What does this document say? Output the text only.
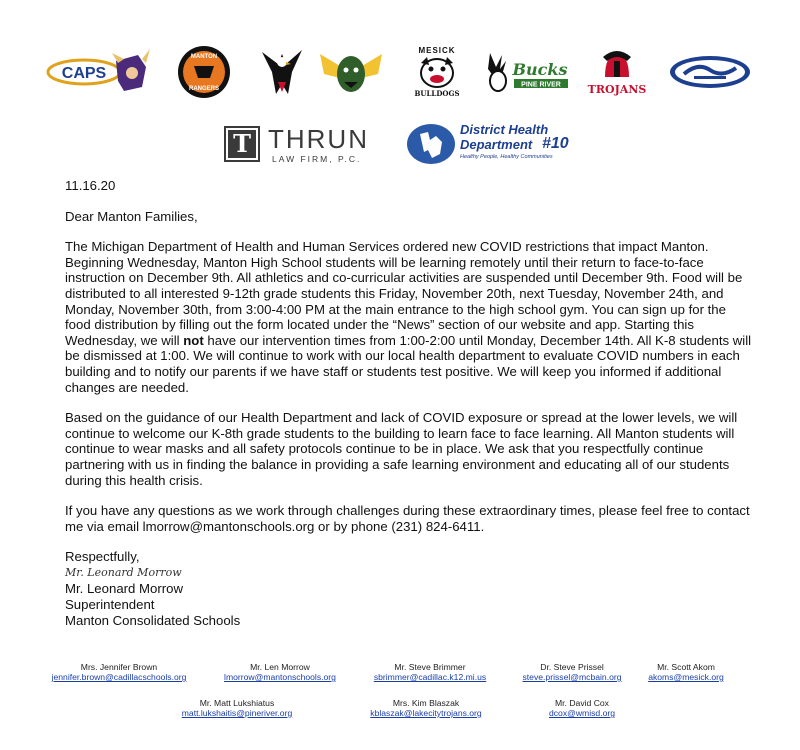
CAPS
MANTON
RANGERS
MESICK
BULLDOGS
Bucks
PINE RIVER TROJANS
T THRUN
LAW FIRM, P.C.
District Health
Department #10
Healthy People, Healthy Communities

11.16.20

Dear Manton Families,

The Michigan Department of Health and Human Services ordered new COVID restrictions that impact Manton. Beginning Wednesday, Manton High School students will be learning remotely until their return to face-to-face instruction on December 9th. All athletics and co-curricular activities are suspended until December 9th. Food will be distributed to all interested 9-12th grade students this Friday, November 20th, next Tuesday, November 24th, and Monday, November 30th, from 3:00-4:00 PM at the main entrance to the high school gym. You can sign up for the food distribution by filling out the form located under the “News” section of our website and app. Starting this Wednesday, we will not have our intervention times from 1:00-2:00 until Monday, December 14th. All K-8 students will be dismissed at 1:00. We will continue to work with our local health department to evaluate COVID numbers in each building and to notify our parents if we have staff or students test positive. We will keep you informed if additional changes are needed.

Based on the guidance of our Health Department and lack of COVID exposure or spread at the lower levels, we will continue to welcome our K-8th grade students to the building to learn face to face learning. All Manton students will continue to wear masks and all safety protocols continue to be in place. We ask that you respectfully continue partnering with us in finding the balance in providing a safe learning environment and educating all of our students during this health crisis.

If you have any questions as we work through challenges during these extraordinary times, please feel free to contact me via email lmorrow@mantonschools.org or by phone (231) 824-6411.

Respectfully,
Mr. Leonard Morrow
Mr. Leonard Morrow
Superintendent
Manton Consolidated Schools
Mrs. Jennifer Brown
jennifer.brown@cadillacschools.org
Mr. Len Morrow
lmorrow@mantonschools.org
Mr. Steve Brimmer
sbrimmer@cadillac.k12.mi.us
Dr. Steve Prissel
steve.prissel@mcbain.org
Mr. Scott Akom
akoms@mesick.org
Mr. Matt Lukshiatus
matt.lukshaitis@pineriver.org
Mrs. Kim Blaszak
kblaszak@lakecitytrojans.org
Mr. David Cox
dcox@wmisd.org
